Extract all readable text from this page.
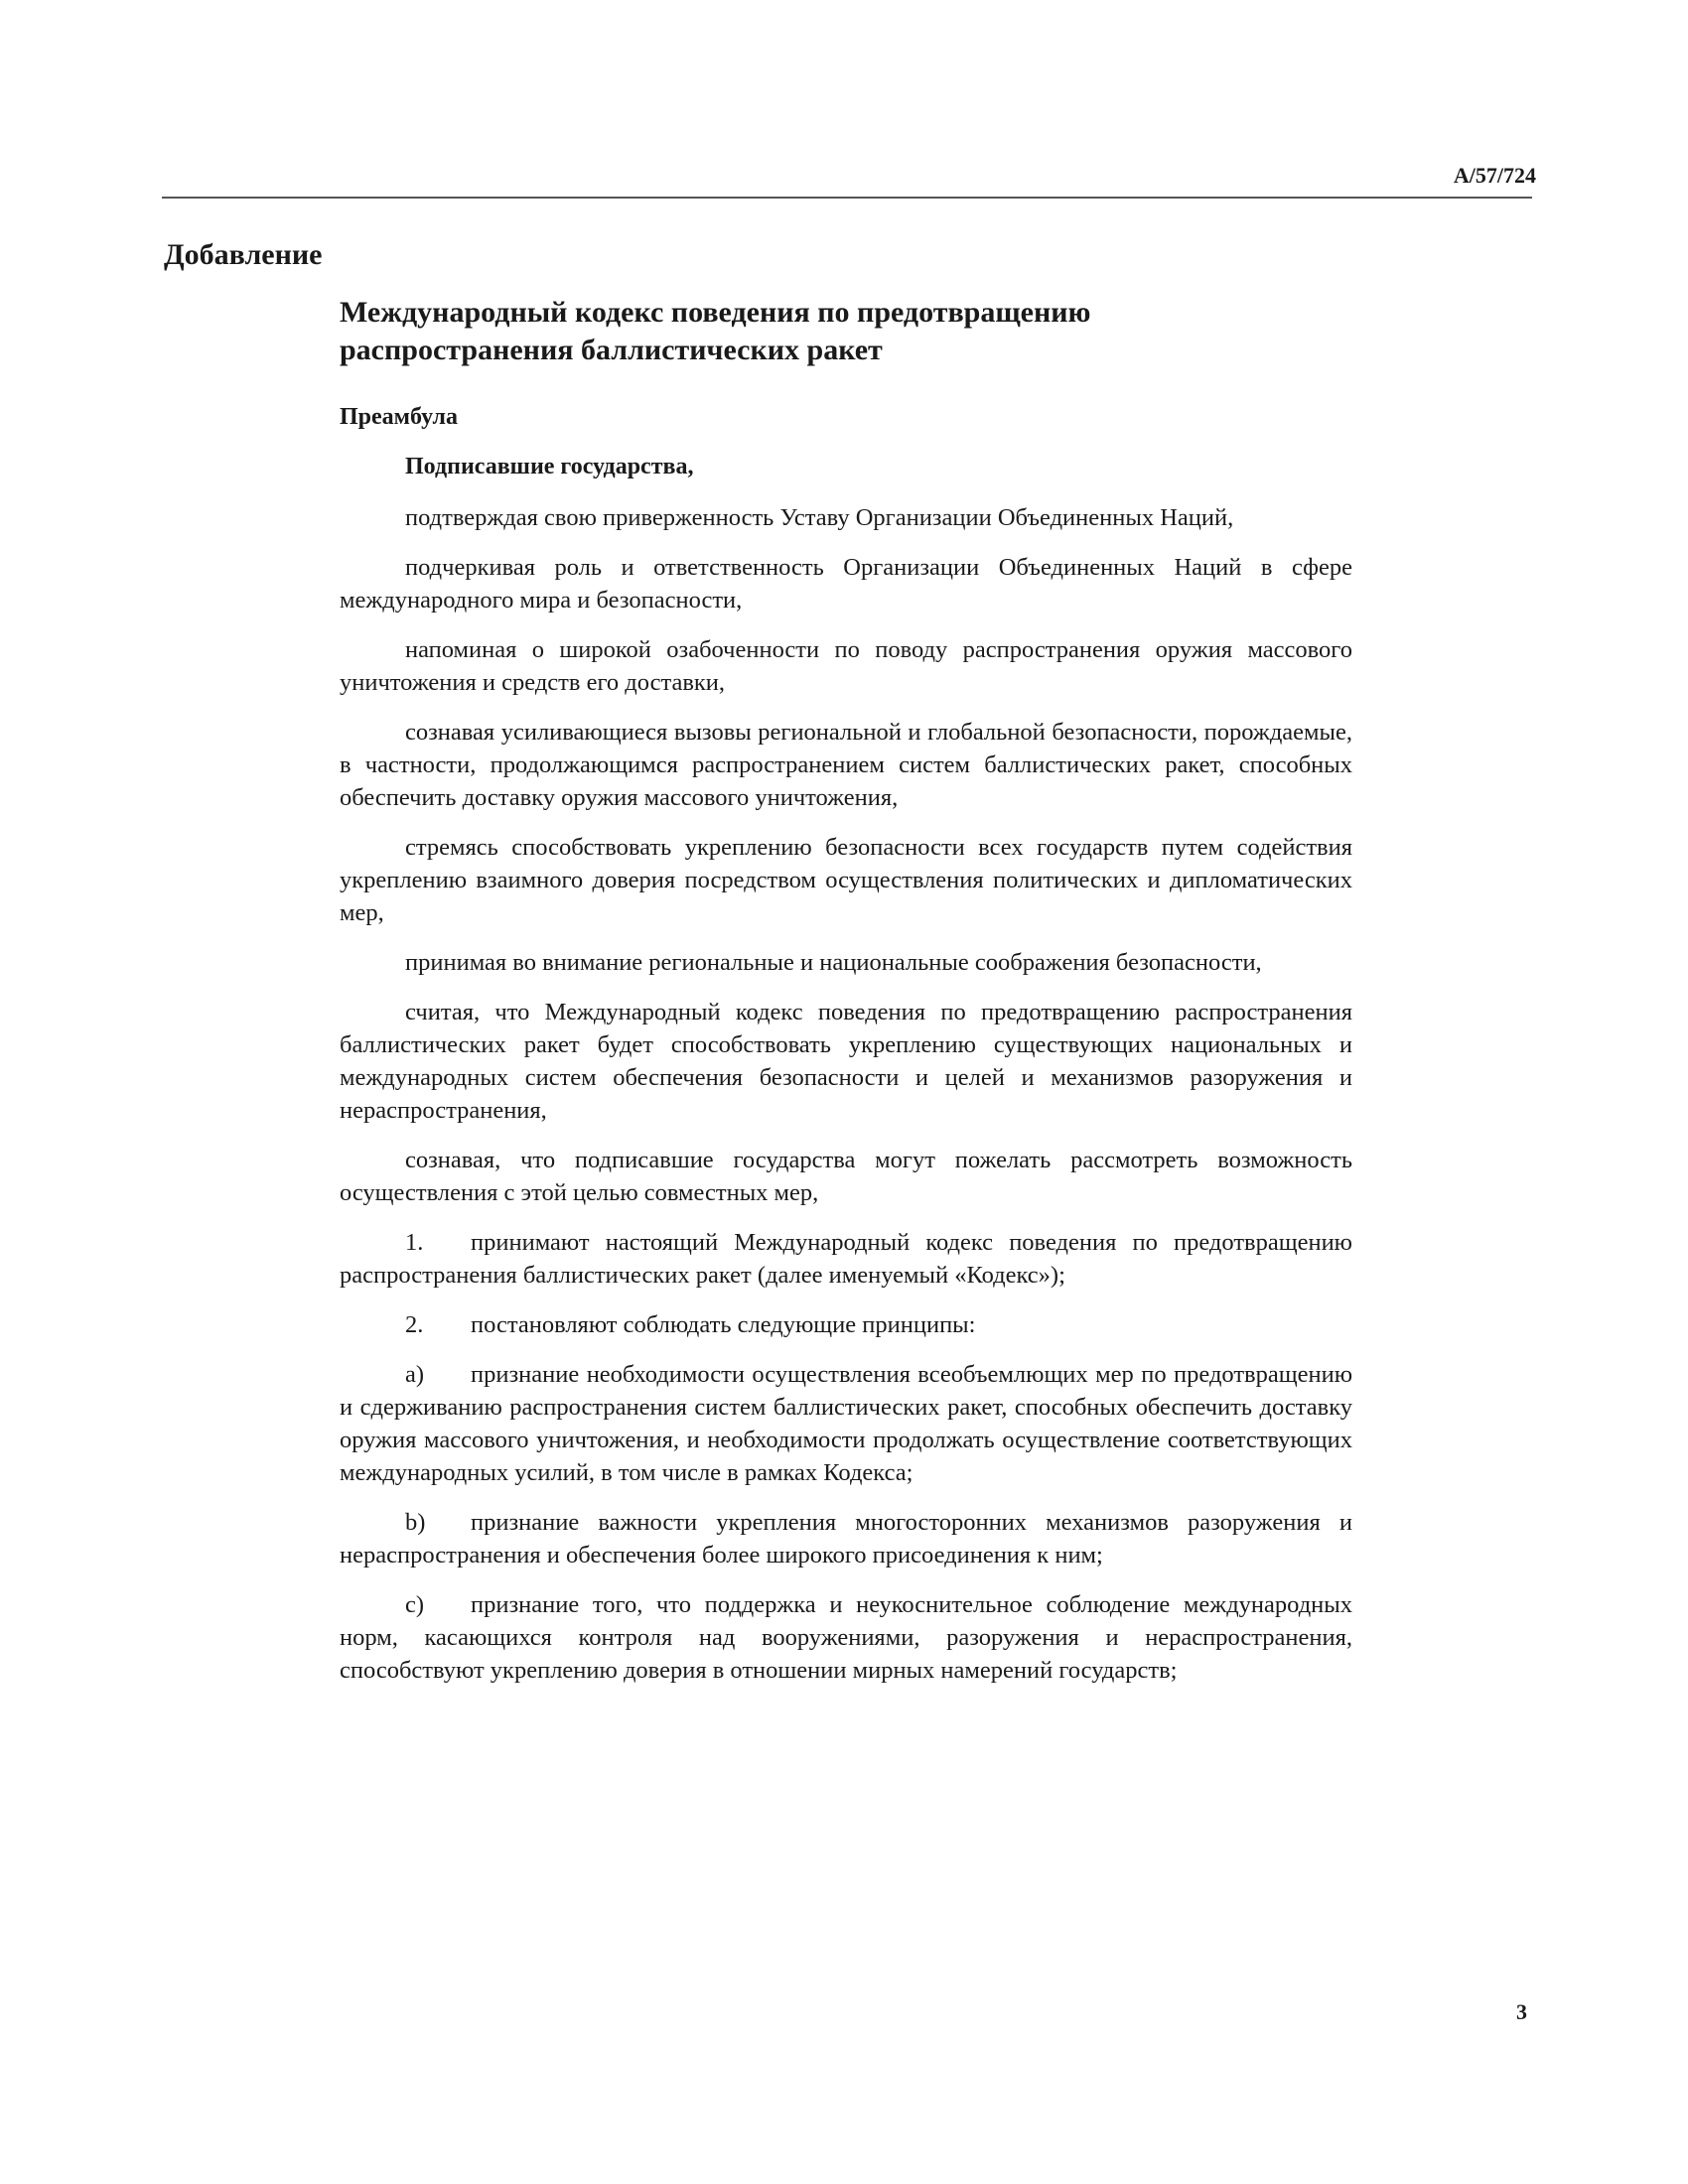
A/57/724
Добавление
Международный кодекс поведения по предотвращению
распространения баллистических ракет

Преамбула

Подписавшие государства,

подтверждая свою приверженность Уставу Организации Объединенных Наций,

подчеркивая роль и ответственность Организации Объединенных Наций в сфере международного мира и безопасности,

напоминая о широкой озабоченности по поводу распространения оружия массового уничтожения и средств его доставки,

сознавая усиливающиеся вызовы региональной и глобальной безопасности, порождаемые, в частности, продолжающимся распространением систем баллистических ракет, способных обеспечить доставку оружия массового уничтожения,

стремясь способствовать укреплению безопасности всех государств путем содействия укреплению взаимного доверия посредством осуществления политических и дипломатических мер,

принимая во внимание региональные и национальные соображения безопасности,

считая, что Международный кодекс поведения по предотвращению распространения баллистических ракет будет способствовать укреплению существующих национальных и международных систем обеспечения безопасности и целей и механизмов разоружения и нераспространения,

сознавая, что подписавшие государства могут пожелать рассмотреть возможность осуществления с этой целью совместных мер,

1. принимают настоящий Международный кодекс поведения по предотвращению распространения баллистических ракет (далее именуемый «Кодекс»);

2. постановляют соблюдать следующие принципы:

a) признание необходимости осуществления всеобъемлющих мер по предотвращению и сдерживанию распространения систем баллистических ракет, способных обеспечить доставку оружия массового уничтожения, и необходимости продолжать осуществление соответствующих международных усилий, в том числе в рамках Кодекса;

b) признание важности укрепления многосторонних механизмов разоружения и нераспространения и обеспечения более широкого присоединения к ним;

c) признание того, что поддержка и неукоснительное соблюдение международных норм, касающихся контроля над вооружениями, разоружения и нераспространения, способствуют укреплению доверия в отношении мирных намерений государств;

3
